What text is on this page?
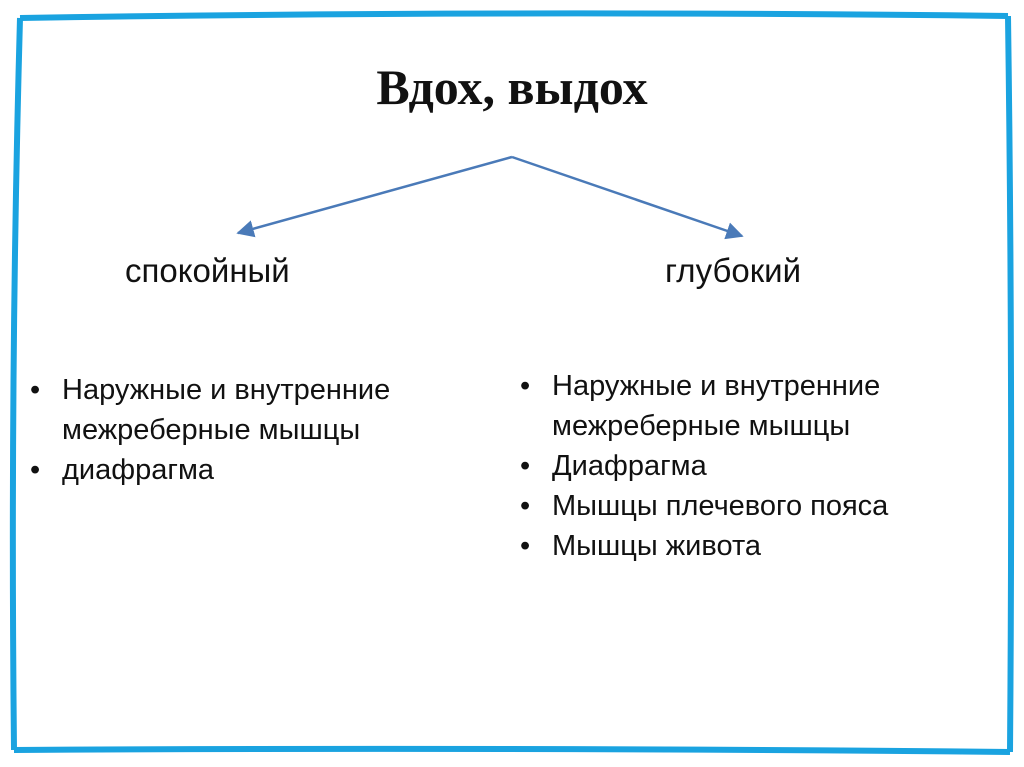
Вдох, выдох
спокойный	глубокий
• Наружные и внутренние межреберные мышцы
• диафрагма
• Наружные и внутренние межреберные мышцы
• Диафрагма
• Мышцы плечевого пояса
• Мышцы живота
